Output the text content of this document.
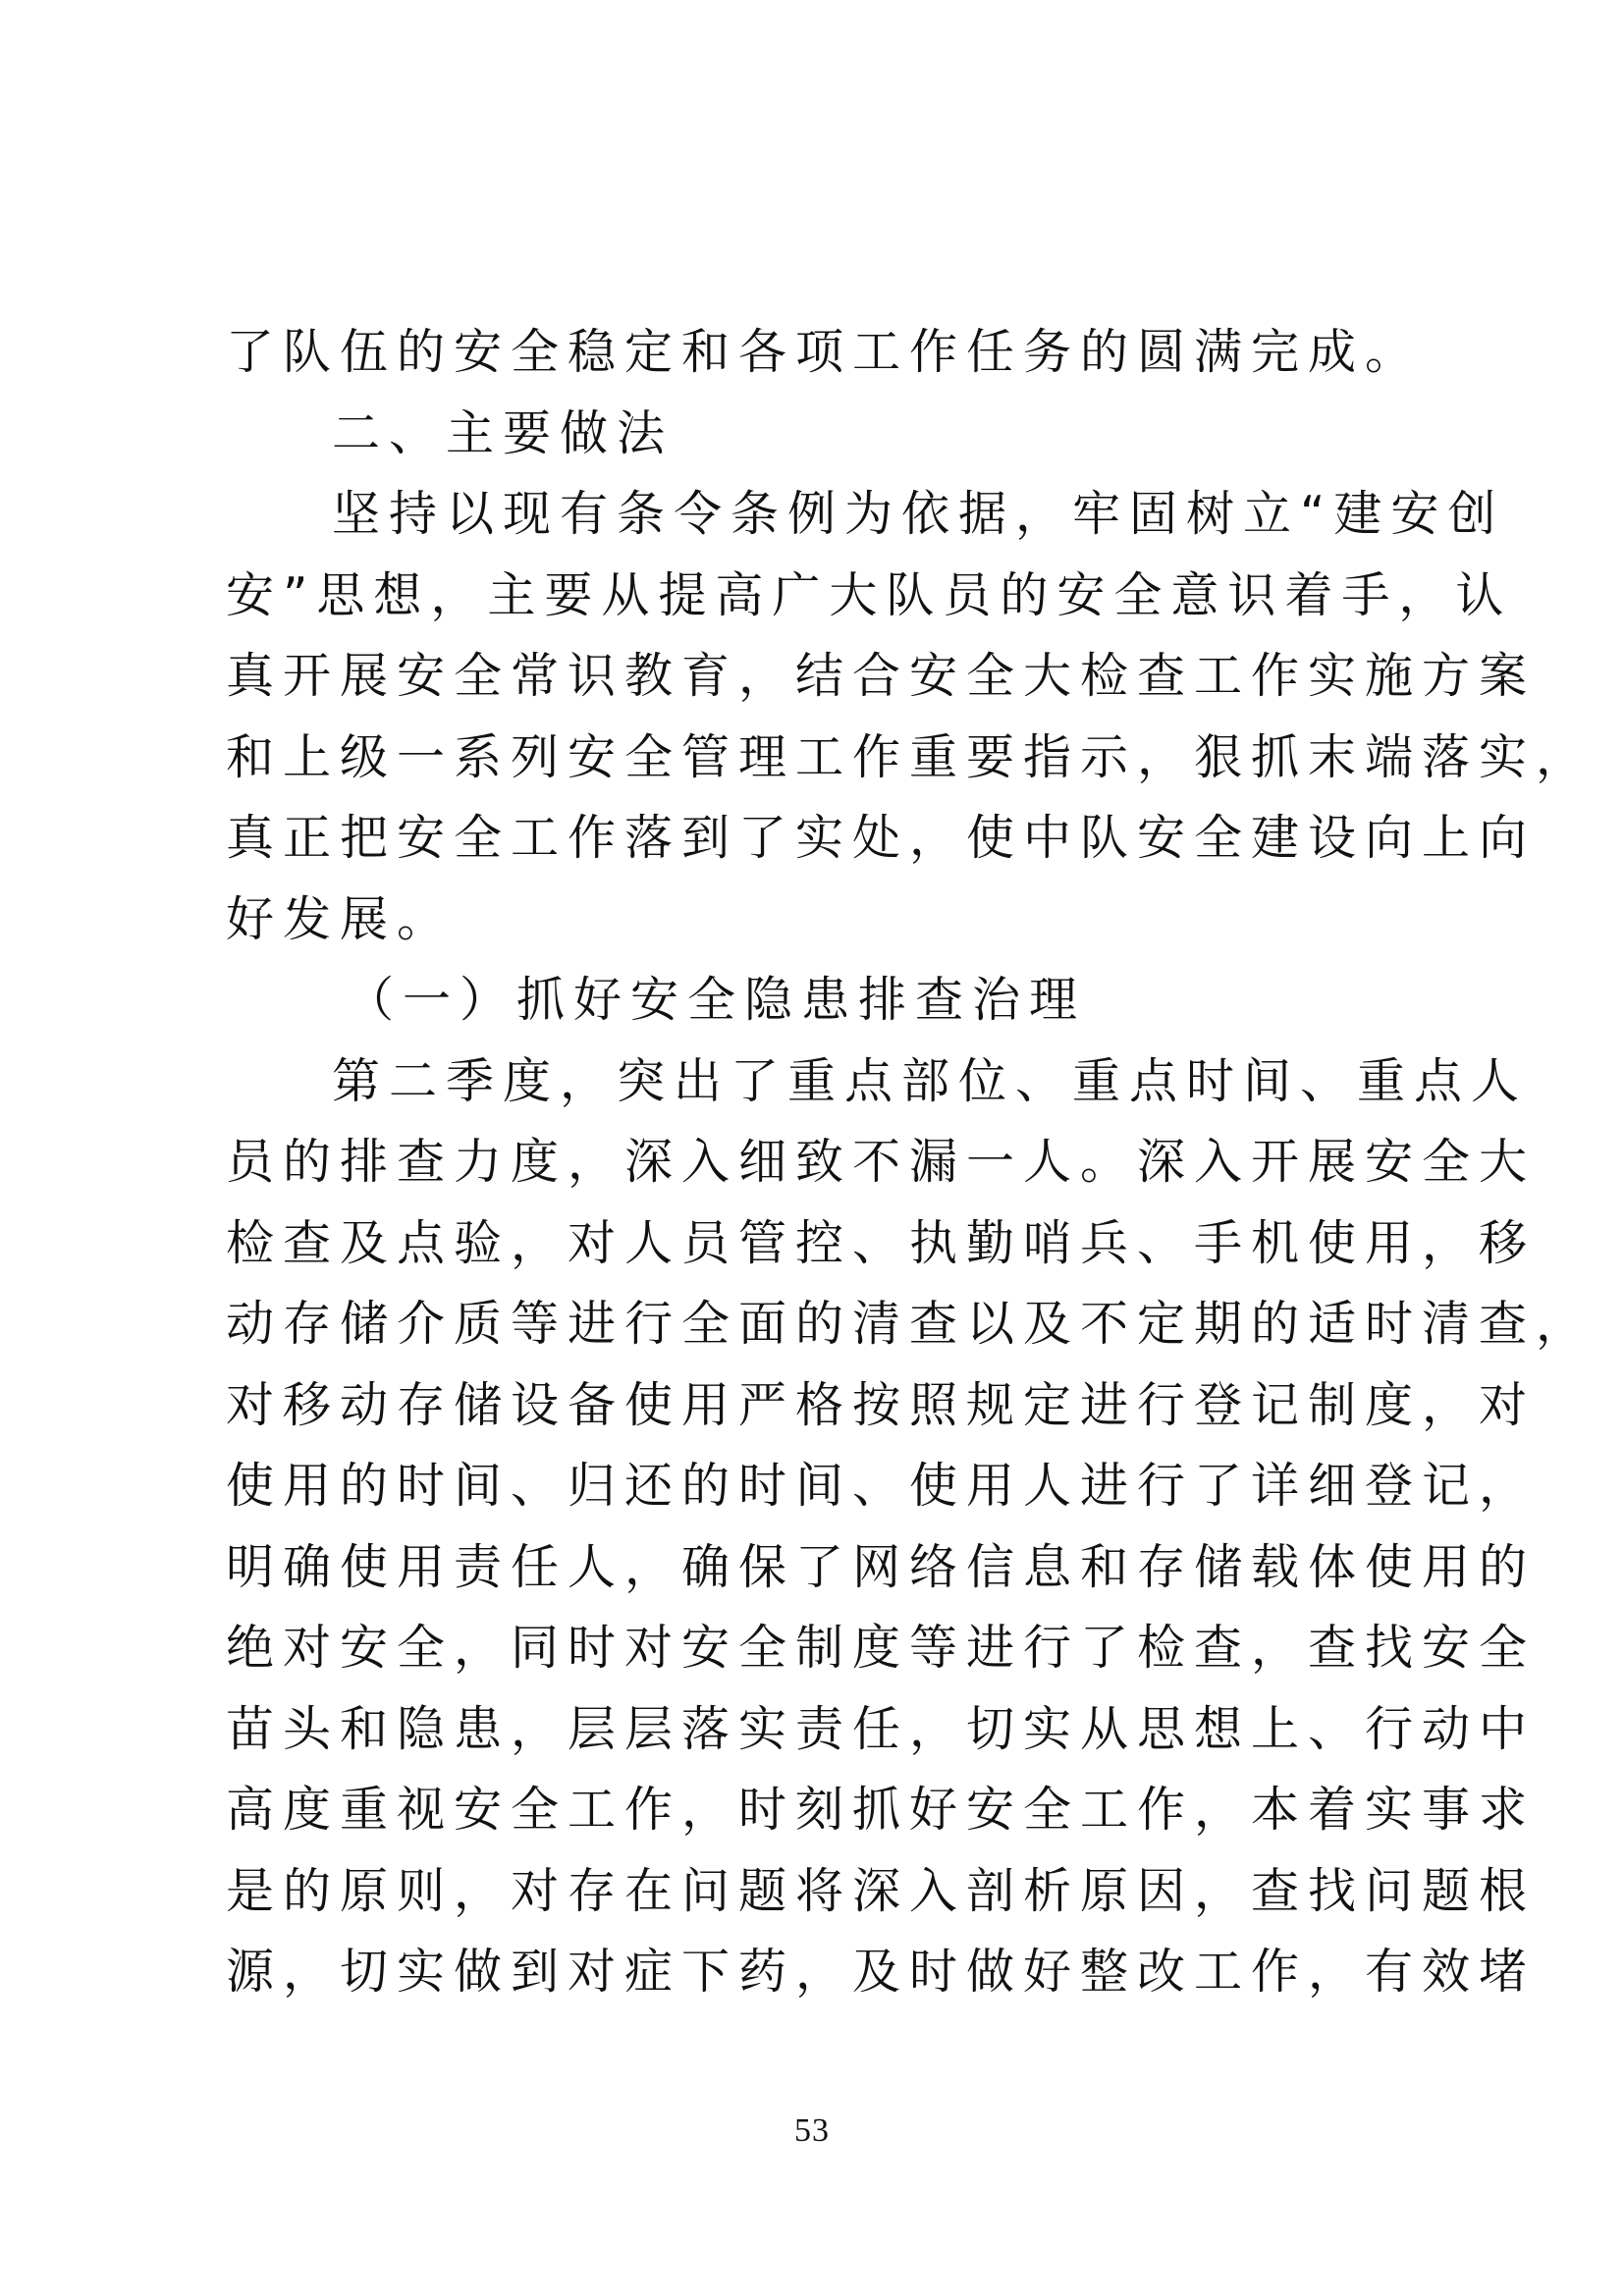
了队伍的安全稳定和各项工作任务的圆满完成。
二、主要做法
坚持以现有条令条例为依据，牢固树立“建安创
安”思想，主要从提高广大队员的安全意识着手，认
真开展安全常识教育，结合安全大检查工作实施方案
和上级一系列安全管理工作重要指示，狠抓末端落实，
真正把安全工作落到了实处，使中队安全建设向上向
好发展。
（一）抓好安全隐患排查治理
第二季度，突出了重点部位、重点时间、重点人
员的排查力度，深入细致不漏一人。深入开展安全大
检查及点验，对人员管控、执勤哨兵、手机使用，移
动存储介质等进行全面的清查以及不定期的适时清查，
对移动存储设备使用严格按照规定进行登记制度，对
使用的时间、归还的时间、使用人进行了详细登记，
明确使用责任人，确保了网络信息和存储载体使用的
绝对安全，同时对安全制度等进行了检查，查找安全
苗头和隐患，层层落实责任，切实从思想上、行动中
高度重视安全工作，时刻抓好安全工作，本着实事求
是的原则，对存在问题将深入剖析原因，查找问题根
源，切实做到对症下药，及时做好整改工作，有效堵
53
